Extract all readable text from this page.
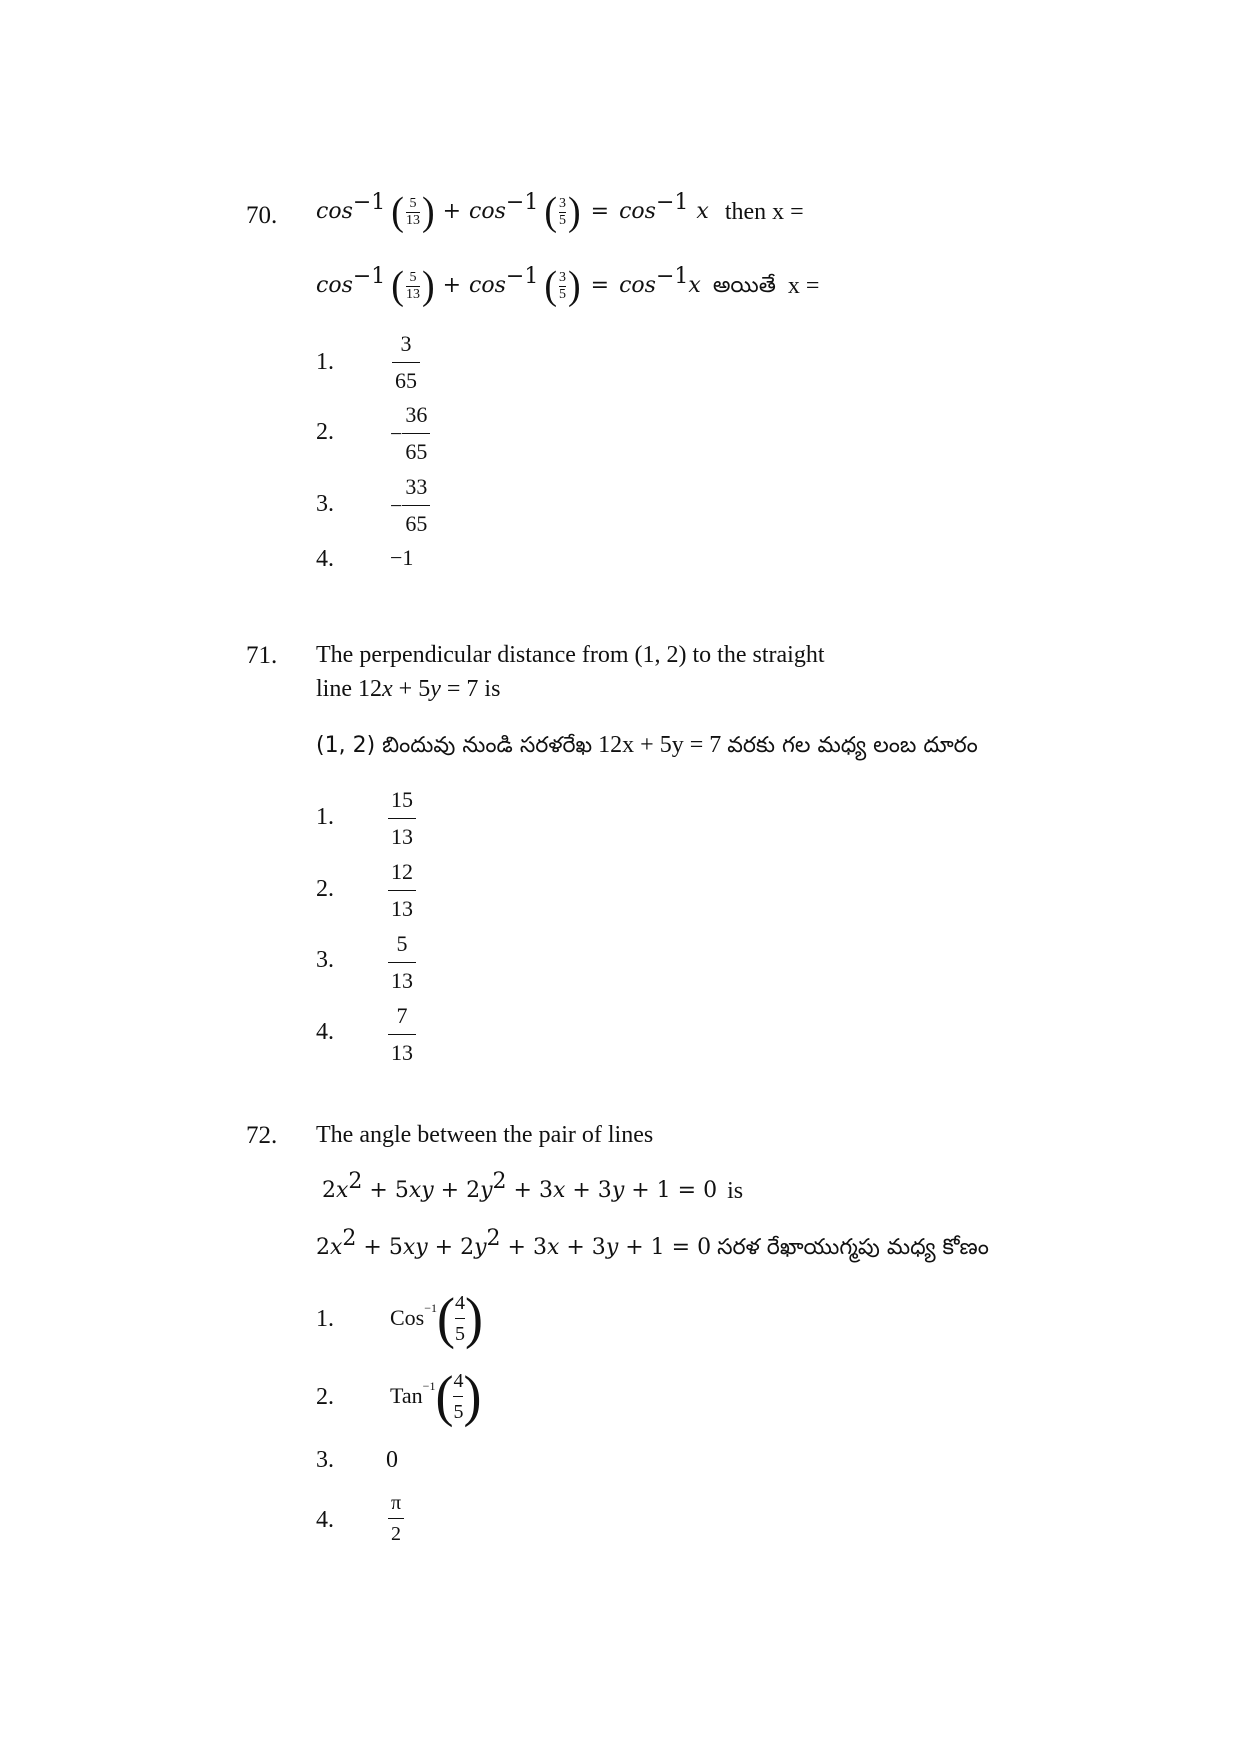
70. $\cos^{-1}$ ( 5
13 ) + $\cos^{-1}$ ( 3
5 ) = $\cos^{-1} x$ then x =
$\cos^{-1}$ ( 5
13 ) + $\cos^{-1}$ ( 3
5 ) = $\cos^{-1} x$ అయితే x =
1.	$\frac{3}{65}$
2.	− $\frac{36}{65}$
3.	− $\frac{33}{65}$
4.	−1
71. The perpendicular distance from (1, 2) to the straight
line 12x + 5y = 7 is
(1, 2) బిందువు నుండి సరళరేఖ 12x + 5y = 7 వరకు గల మధ్య లంబ దూరం
1. $\frac{15}{13}$
2. $\frac{12}{13}$
3. $\frac{5}{13}$
4. $\frac{7}{13}$
72. The angle between the pair of lines
2 $x^2 + 5$ xy + 2 $y^2 + 3$ x + 3 y + 1 = 0 is
2 $x^2 + 5$ xy + 2 $y^2 + 3$ x + 3 y + 1 = 0 సరళ రేఖాయుగ్మపు మధ్య కోణం
1.	Cos$^{-1}$ ( 4
5 )
2.	Tan$^{-1}$ ( 4
5 )
3. 0
4.	$\frac{\pi}{2}$
